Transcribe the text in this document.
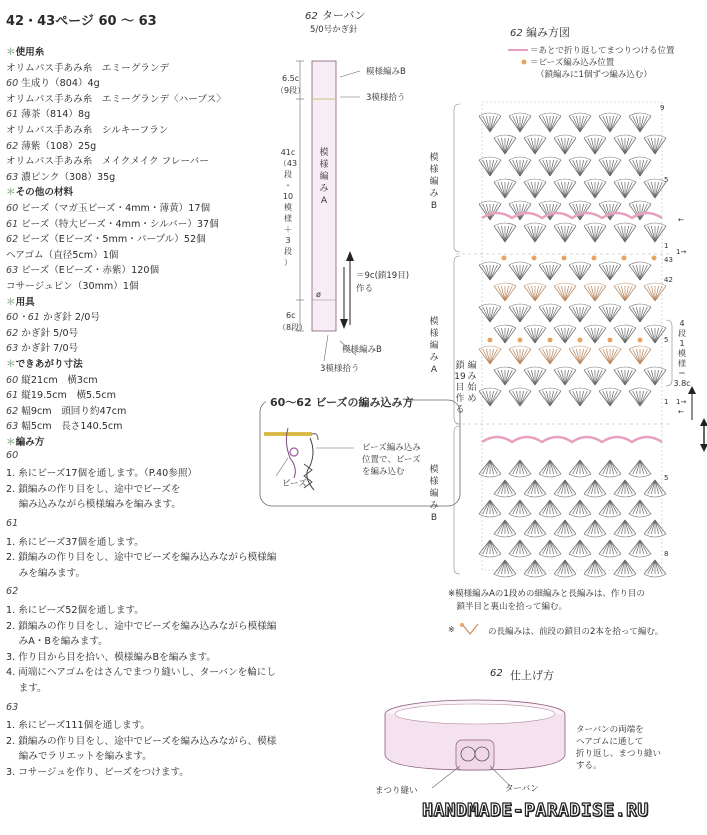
42・43ページ 60 ～ 63
＊使用糸
オリムパス手あみ糸　エミーグランデ
60 生成り（804）4g
オリムパス手あみ糸　エミーグランデ〈ハーブス〉
61 薄茶（814）8g
オリムパス手あみ糸　シルキーフラン
62 薄紫（108）25g
オリムパス手あみ糸　メイクメイク フレーバー
63 濃ピンク（308）35g
＊その他の材料
60 ビーズ（マガ玉ビーズ・4mm・薄黄）17個
61 ビーズ（特大ビーズ・4mm・シルバー）37個
62 ビーズ（Eビーズ・5mm・パープル）52個
ヘアゴム（直径5cm）1個
63 ビーズ（Eビーズ・赤紫）120個
コサージュピン（30mm）1個
＊用具
60・61 かぎ針 2/0号
62 かぎ針 5/0号
63 かぎ針 7/0号
＊できあがり寸法
60 縦21cm　横3cm
61 縦19.5cm　横5.5cm
62 幅9cm　頭回り約47cm
63 幅5cm　長さ140.5cm
＊編み方
60
1. 糸にビーズ17個を通します。（P.40参照）
2. 鎖編みの作り目をし、途中でビーズを
　 編み込みながら模様編みを編みます。
61
1. 糸にビーズ37個を通します。
2. 鎖編みの作り目をし、途中でビーズを編み込みながら模様編
　 みを編みます。
62
1. 糸にビーズ52個を通します。
2. 鎖編みの作り目をし、途中でビーズを編み込みながら模様編
　 みA・Bを編みます。
3. 作り目から目を拾い、模様編みBを編みます。
4. 両端にヘアゴムをはさんでまつり縫いし、ターバンを輪にし
　 ます。
63
1. 糸にビーズ111個を通します。
2. 鎖編みの作り目をし、途中でビーズを編み込みながら、模様
　 編みでラリエットを編みます。
3. コサージュを作り、ビーズをつけます。
62 ターバン
5/0号かぎ針
6.5c
（9段）
41c
（43
段
・
10
模
様
＋
3
段
）
6c
（8段）
模様編みB
3模様拾う
模
様
編
み
A
ø
＝9c(鎖19目)
作る
模様編みB
3模様拾う
60～62 ビーズの編み込み方
ビーズ編み込み
位置で、ビーズ
を編み込む
ビーズ
62 編み方図
＝あとで折り返してまつりつける位置
＝ビーズ編み込み位置
（鎖編みに1個ずつ編み込む）
模
様
編
み
B
模
様
編
み
A
模
様
編
み
B
編
み
始
め
鎖
19
目
作
る
9
5
1
43
42
5
1
5
8
4
段
1
模
様
＝
3.8c
1→
1→
←
←
※模様編みAの1段めの細編みと長編みは、作り目の
　鎖半目と裏山を拾って編む。
※	の長編みは、前段の鎖目の2本を拾って編む。
62 仕上げ方
まつり縫い	ターバン
ターバンの両端を
ヘアゴムに通して
折り返し、まつり縫い
する。
HANDMADE-PARADISE.RU
